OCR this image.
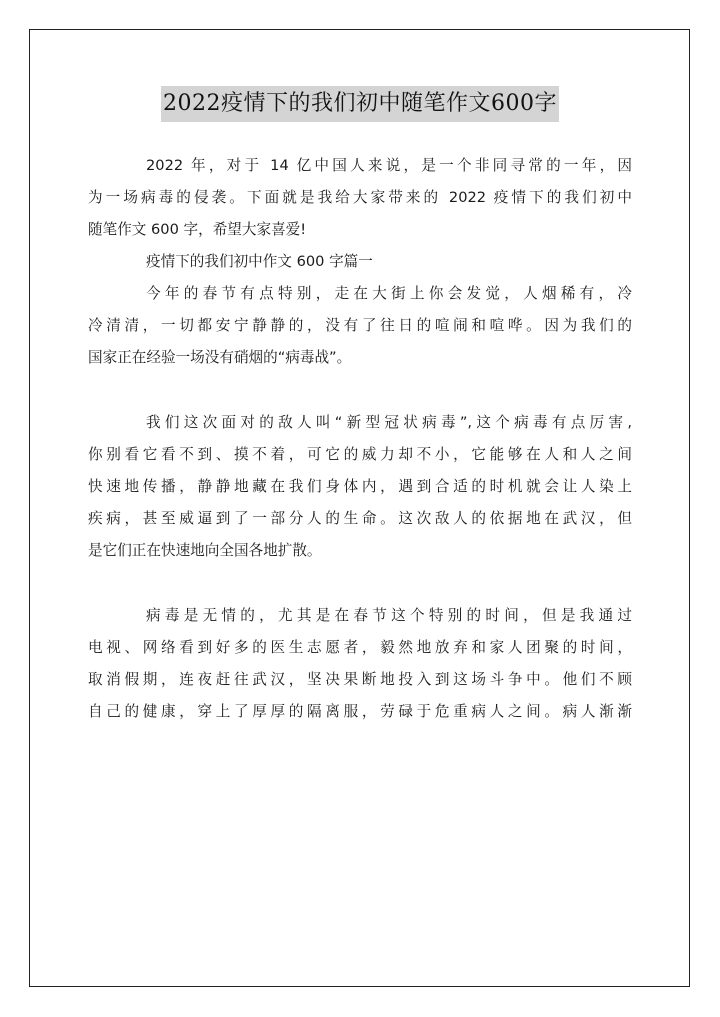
2022疫情下的我们初中随笔作文600字
2022 年，对于 14 亿中国人来说，是一个非同寻常的一年，因
为一场病毒的侵袭。下面就是我给大家带来的 2022 疫情下的我们初中
随笔作文 600 字，希望大家喜爱!
疫情下的我们初中作文 600 字篇一
今年的春节有点特别，走在大街上你会发觉，人烟稀有，冷
冷清清，一切都安宁静静的，没有了往日的喧闹和喧哗。因为我们的
国家正在经验一场没有硝烟的“病毒战”。
我们这次面对的敌人叫“新型冠状病毒”,这个病毒有点厉害,
你别看它看不到、摸不着，可它的威力却不小，它能够在人和人之间
快速地传播，静静地藏在我们身体内，遇到合适的时机就会让人染上
疾病，甚至威逼到了一部分人的生命。这次敌人的依据地在武汉，但
是它们正在快速地向全国各地扩散。
病毒是无情的，尤其是在春节这个特别的时间，但是我通过
电视、网络看到好多的医生志愿者，毅然地放弃和家人团聚的时间，
取消假期，连夜赶往武汉，坚决果断地投入到这场斗争中。他们不顾
自己的健康，穿上了厚厚的隔离服，劳碌于危重病人之间。病人渐渐
